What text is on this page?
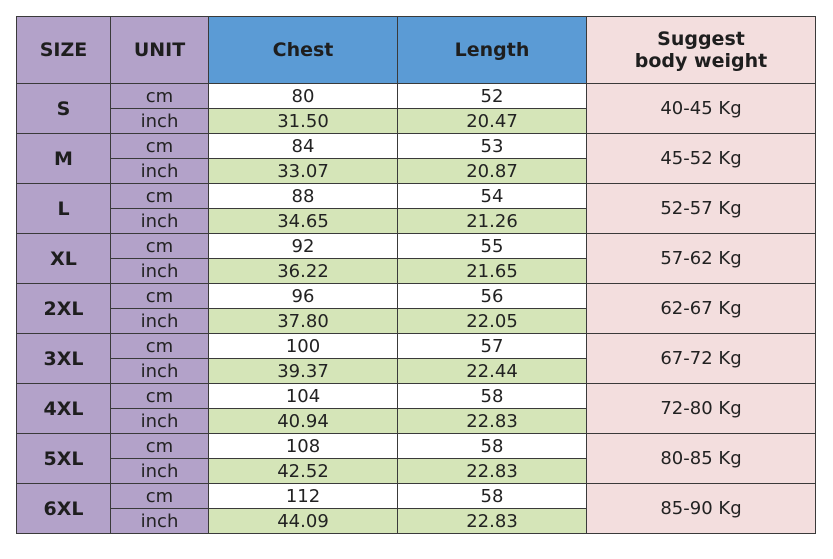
SIZE	UNIT	Chest	Length	Suggest
body weight
S	cm	80	52	40-45 Kg
	inch	31.50	20.47	
M	cm	84	53	45-52 Kg
	inch	33.07	20.87	
L	cm	88	54	52-57 Kg
	inch	34.65	21.26	
XL	cm	92	55	57-62 Kg
	inch	36.22	21.65	
2XL	cm	96	56	62-67 Kg
	inch	37.80	22.05	
3XL	cm	100	57	67-72 Kg
	inch	39.37	22.44	
4XL	cm	104	58	72-80 Kg
	inch	40.94	22.83	
5XL	cm	108	58	80-85 Kg
	inch	42.52	22.83	
6XL	cm	112	58	85-90 Kg
	inch	44.09	22.83	
